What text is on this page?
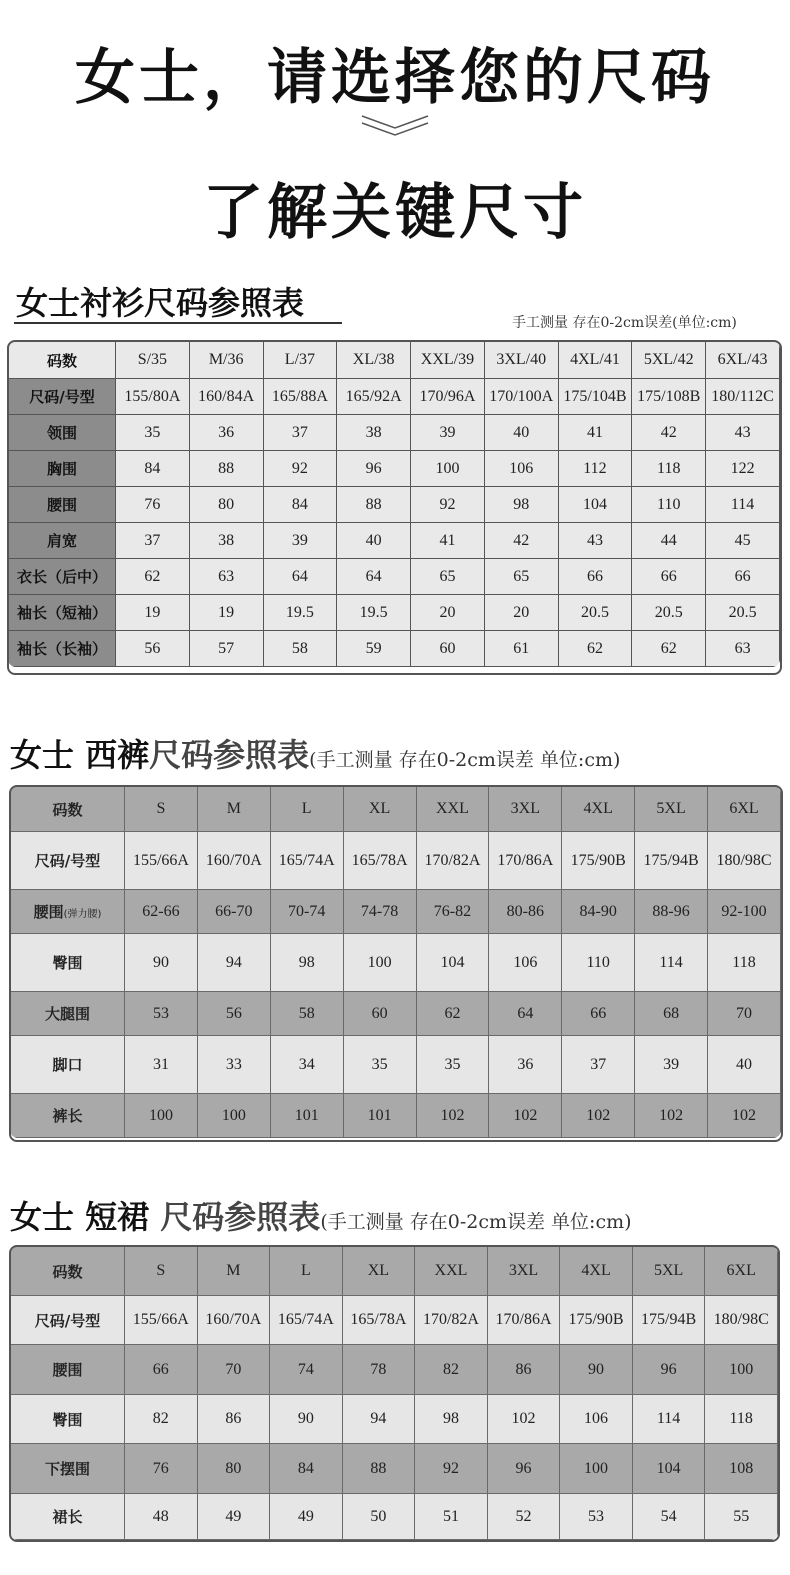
女士，请选择您的尺码
了解关键尺寸
女士衬衫尺码参照表
手工测量 存在0-2cm误差(单位:cm)
码数	S/35	M/36	L/37	XL/38	XXL/39	3XL/40	4XL/41	5XL/42	6XL/43
尺码/号型	155/80A	160/84A	165/88A	165/92A	170/96A	170/100A	175/104B	175/108B	180/112C
领围	35	36	37	38	39	40	41	42	43
胸围	84	88	92	96	100	106	112	118	122
腰围	76	80	84	88	92	98	104	110	114
肩宽	37	38	39	40	41	42	43	44	45
衣长（后中）	62	63	64	64	65	65	66	66	66
袖长（短袖）	19	19	19.5	19.5	20	20	20.5	20.5	20.5
袖长（长袖）	56	57	58	59	60	61	62	62	63
女士 西裤尺码参照表(手工测量 存在0-2cm误差 单位:cm)
码数	S	M	L	XL	XXL	3XL	4XL	5XL	6XL
尺码/号型	155/66A	160/70A	165/74A	165/78A	170/82A	170/86A	175/90B	175/94B	180/98C
腰围(弹力腰)	62-66	66-70	70-74	74-78	76-82	80-86	84-90	88-96	92-100
臀围	90	94	98	100	104	106	110	114	118
大腿围	53	56	58	60	62	64	66	68	70
脚口	31	33	34	35	35	36	37	39	40
裤长	100	100	101	101	102	102	102	102	102
女士 短裙 尺码参照表(手工测量 存在0-2cm误差 单位:cm)
码数	S	M	L	XL	XXL	3XL	4XL	5XL	6XL
尺码/号型	155/66A	160/70A	165/74A	165/78A	170/82A	170/86A	175/90B	175/94B	180/98C
腰围	66	70	74	78	82	86	90	96	100
臀围	82	86	90	94	98	102	106	114	118
下摆围	76	80	84	88	92	96	100	104	108
裙长	48	49	49	50	51	52	53	54	55
